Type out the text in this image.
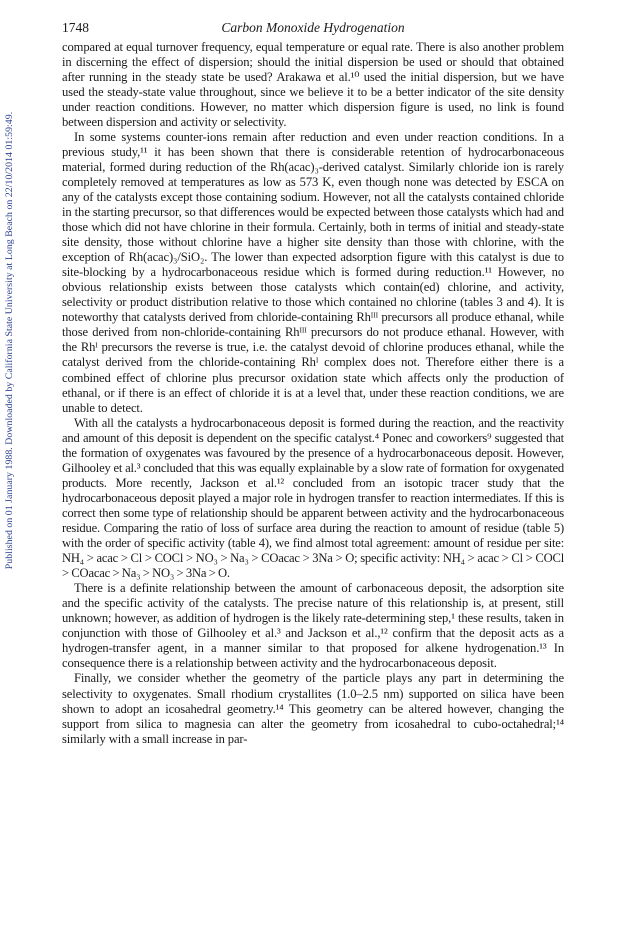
Published on 01 January 1988. Downloaded by California State University at Long Beach on 22/10/2014 01:59:49.
1748	Carbon Monoxide Hydrogenation

compared at equal turnover frequency, equal temperature or equal rate. There is also another problem in discerning the effect of dispersion; should the initial dispersion be used or should that obtained after running in the steady state be used? Arakawa et al.¹⁰ used the initial dispersion, but we have used the steady-state value throughout, since we believe it to be a better indicator of the site density under reaction conditions. However, no matter which dispersion figure is used, no link is found between dispersion and activity or selectivity.

In some systems counter-ions remain after reduction and even under reaction conditions. In a previous study,¹¹ it has been shown that there is considerable retention of hydrocarbonaceous material, formed during reduction of the Rh(acac)₃-derived catalyst. Similarly chloride ion is rarely completely removed at temperatures as low as 573 K, even though none was detected by ESCA on any of the catalysts except those containing sodium. However, not all the catalysts contained chloride in the starting precursor, so that differences would be expected between those catalysts which had and those which did not have chlorine in their formula. Certainly, both in terms of initial and steady-state site density, those without chlorine have a higher site density than those with chlorine, with the exception of Rh(acac)₃/SiO₂. The lower than expected adsorption figure with this catalyst is due to site-blocking by a hydrocarbonaceous residue which is formed during reduction.¹¹ However, no obvious relationship exists between those catalysts which contain(ed) chlorine, and activity, selectivity or product distribution relative to those which contained no chlorine (tables 3 and 4). It is noteworthy that catalysts derived from chloride-containing Rhᴵᴵᴵ precursors all produce ethanal, while those derived from non-chloride-containing Rhᴵᴵᴵ precursors do not produce ethanal. However, with the Rhᴵ precursors the reverse is true, i.e. the catalyst devoid of chlorine produces ethanal, while the catalyst derived from the chloride-containing Rhᴵ complex does not. Therefore either there is a combined effect of chlorine plus precursor oxidation state which affects only the production of ethanal, or if there is an effect of chloride it is at a level that, under these reaction conditions, we are unable to detect.

With all the catalysts a hydrocarbonaceous deposit is formed during the reaction, and the reactivity and amount of this deposit is dependent on the specific catalyst.⁴ Ponec and coworkers⁹ suggested that the formation of oxygenates was favoured by the presence of a hydrocarbonaceous deposit. However, Gilhooley et al.³ concluded that this was equally explainable by a slow rate of formation for oxygenated products. More recently, Jackson et al.¹² concluded from an isotopic tracer study that the hydrocarbonaceous deposit played a major role in hydrogen transfer to reaction intermediates. If this is correct then some type of relationship should be apparent between activity and the hydrocarbonaceous residue. Comparing the ratio of loss of surface area during the reaction to amount of residue (table 5) with the order of specific activity (table 4), we find almost total agreement: amount of residue per site: NH₄ > acac > Cl > COCl > NO₃ > Na₃ > COacac > 3Na > O; specific activity: NH₄ > acac > Cl > COCl > COacac > Na₃ > NO₃ > 3Na > O.

There is a definite relationship between the amount of carbonaceous deposit, the adsorption site and the specific activity of the catalysts. The precise nature of this relationship is, at present, still unknown; however, as addition of hydrogen is the likely rate-determining step,¹ these results, taken in conjunction with those of Gilhooley et al.³ and Jackson et al.,¹² confirm that the deposit acts as a hydrogen-transfer agent, in a manner similar to that proposed for alkene hydrogenation.¹³ In consequence there is a relationship between activity and the hydrocarbonaceous deposit.

Finally, we consider whether the geometry of the particle plays any part in determining the selectivity to oxygenates. Small rhodium crystallites (1.0–2.5 nm) supported on silica have been shown to adopt an icosahedral geometry.¹⁴ This geometry can be altered however, changing the support from silica to magnesia can alter the geometry from icosahedral to cubo-octahedral;¹⁴ similarly with a small increase in par-
